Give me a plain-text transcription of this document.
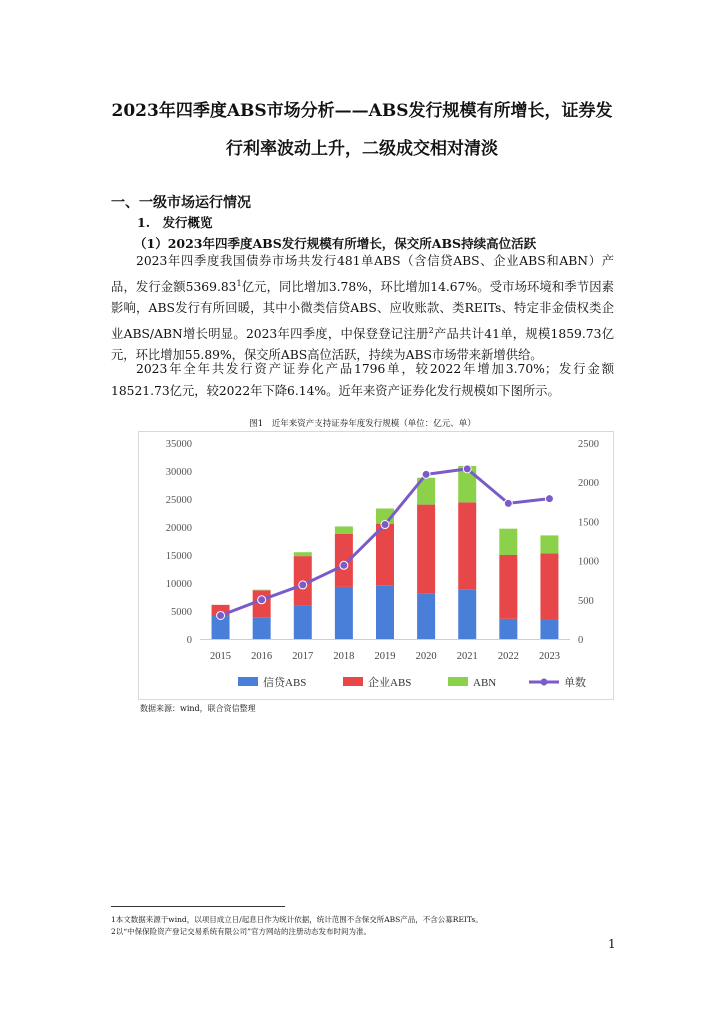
2023年四季度ABS市场分析——ABS发行规模有所增长，证券发
行利率波动上升，二级成交相对清淡
一、一级市场运行情况
1.　发行概览
（1）2023年四季度ABS发行规模有所增长，保交所ABS持续高位活跃
2023年四季度我国债券市场共发行481单ABS（含信贷ABS、企业ABS和ABN）产品，发行金额5369.83$^1$亿元，同比增加3.78%，环比增加14.67%。受市场环境和季节因素影响，ABS发行有所回暖，其中小微类信贷ABS、应收账款、类REITs、特定非金债权类企业ABS/ABN增长明显。2023年四季度，中保登登记注册$^2$产品共计41单，规模1859.73亿元，环比增加55.89%，保交所ABS高位活跃，持续为ABS市场带来新增供给。
2023年全年共发行资产证券化产品1796单，较2022年增加3.70%；发行金额18521.73亿元，较2022年下降6.14%。近年来资产证券化发行规模如下图所示。
图1　近年来资产支持证券年度发行规模（单位：亿元、单）
0
5000
10000
15000
20000
25000
30000
35000
0
500
1000
1500
2000
2500
2015 2016 2017 2018 2019 2020 2021 2022 2023
信贷ABS	企业ABS	ABN	单数
数据来源：wind，联合资信整理
1本文数据来源于wind，以项目成立日/起息日作为统计依据，统计范围不含保交所ABS产品，不含公募REITs。
2以“中保保险资产登记交易系统有限公司”官方网站的注册动态发布时间为准。
1
